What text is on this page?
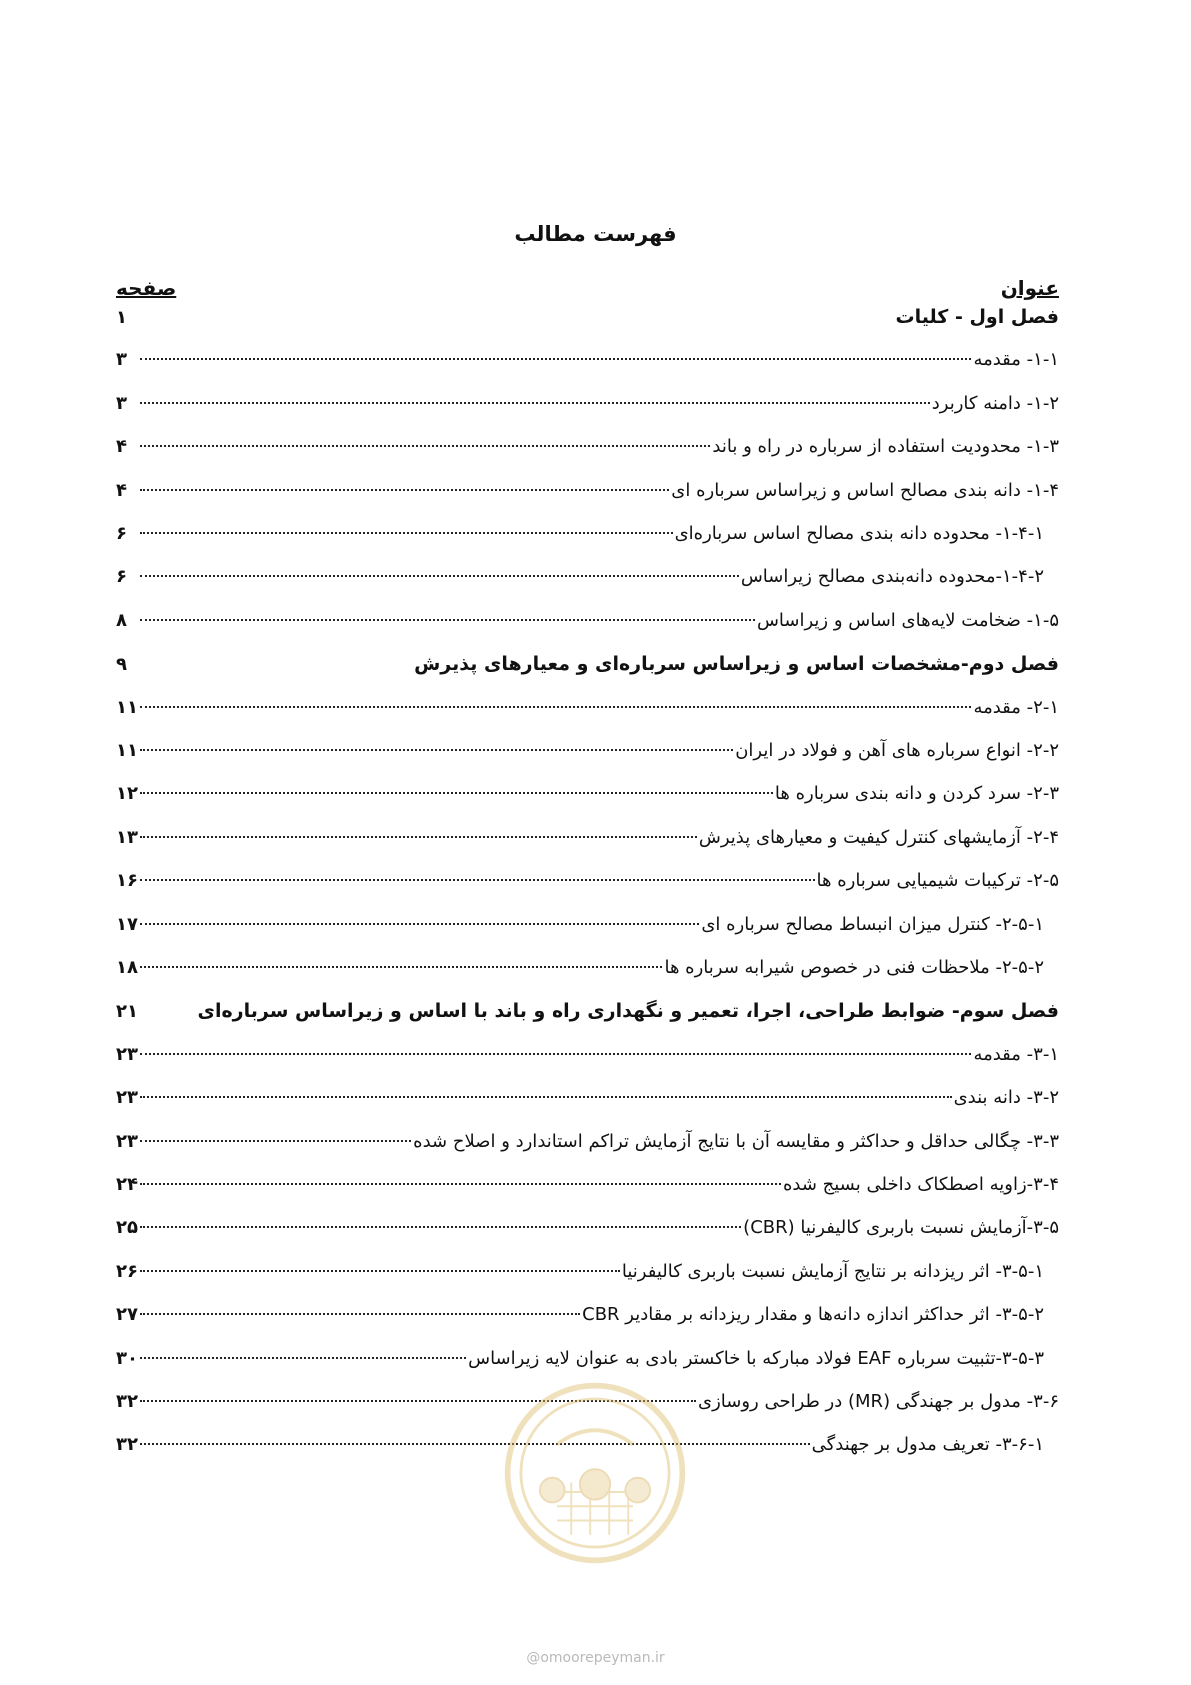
فهرست مطالب
عنوان
صفحه
فصل اول - کلیات
۱
۱-۱- مقدمه
۳
۱-۲- دامنه کاربرد
۳
۱-۳- محدودیت استفاده از سرباره در راه و باند
۴
۱-۴- دانه بندی مصالح اساس و زیراساس سرباره ای
۴
۱-۴-۱- محدوده دانه بندی مصالح اساس سرباره‌ای
۶
۱-۴-۲-محدوده دانه‌بندی مصالح زیراساس
۶
۱-۵- ضخامت لایه‌های اساس و زیراساس
۸
فصل دوم-مشخصات اساس و زیراساس سرباره‌ای و معیارهای پذیرش
۹
۲-۱- مقدمه
۱۱
۲-۲- انواع سرباره های آهن و فولاد در ایران
۱۱
۲-۳- سرد کردن و دانه بندی سرباره ها
۱۲
۲-۴- آزمایشهای کنترل کیفیت و معیارهای پذیرش
۱۳
۲-۵- ترکیبات شیمیایی سرباره ها
۱۶
۲-۵-۱- کنترل میزان انبساط مصالح سرباره ای
۱۷
۲-۵-۲- ملاحظات فنی در خصوص شیرابه سرباره ها
۱۸
فصل سوم- ضوابط طراحی، اجرا، تعمیر و نگهداری راه و باند با اساس و زیراساس سرباره‌ای
۲۱
۳-۱- مقدمه
۲۳
۳-۲- دانه بندی
۲۳
۳-۳- چگالی حداقل و حداکثر و مقایسه آن با نتایج آزمایش تراکم استاندارد و اصلاح شده
۲۳
۳-۴-زاویه اصطکاک داخلی بسیج شده
۲۴
۳-۵-آزمایش نسبت باربری کالیفرنیا (CBR)
۲۵
۳-۵-۱- اثر ریزدانه بر نتایج آزمایش نسبت باربری کالیفرنیا
۲۶
۳-۵-۲- اثر حداکثر اندازه دانه‌ها و مقدار ریزدانه بر مقادیر CBR
۲۷
۳-۵-۳-تثبیت سرباره EAF فولاد مبارکه با خاکستر بادی به عنوان لایه زیراساس
۳۰
۳-۶- مدول بر جهندگی (MR) در طراحی روسازی
۳۲
۳-۶-۱- تعریف مدول بر جهندگی
۳۲
@omoorepeyman.ir
